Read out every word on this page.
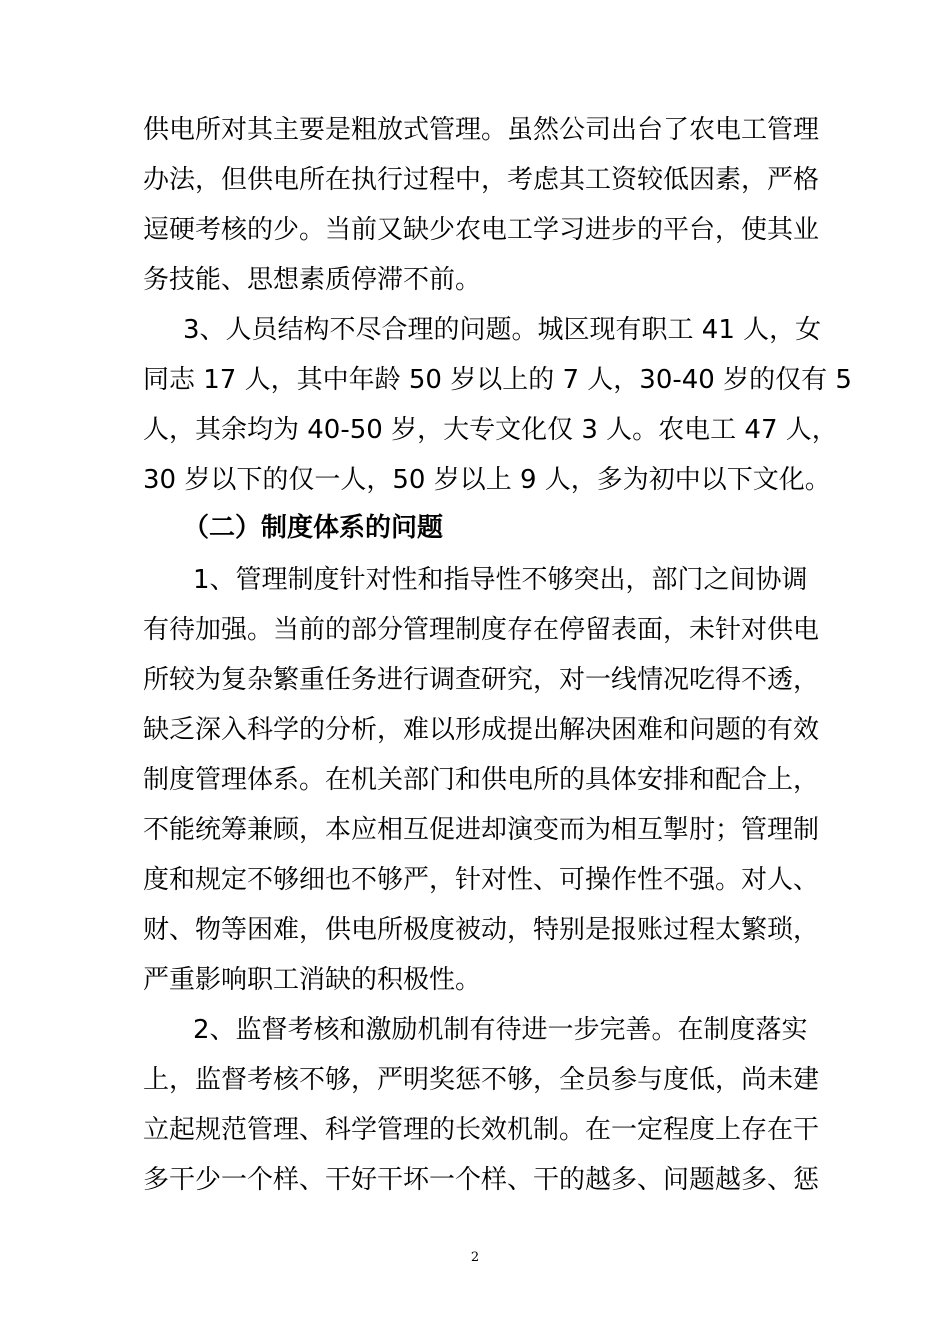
供电所对其主要是粗放式管理。虽然公司出台了农电工管理
办法，但供电所在执行过程中，考虑其工资较低因素，严格
逗硬考核的少。当前又缺少农电工学习进步的平台，使其业
务技能、思想素质停滞不前。
3、人员结构不尽合理的问题。城区现有职工 41 人，女
同志 17 人，其中年龄 50 岁以上的 7 人，30-40 岁的仅有 5
人，其余均为 40-50 岁，大专文化仅 3 人。农电工 47 人，
30 岁以下的仅一人，50 岁以上 9 人，多为初中以下文化。
（二）制度体系的问题
1、管理制度针对性和指导性不够突出，部门之间协调
有待加强。当前的部分管理制度存在停留表面，未针对供电
所较为复杂繁重任务进行调查研究，对一线情况吃得不透，
缺乏深入科学的分析，难以形成提出解决困难和问题的有效
制度管理体系。在机关部门和供电所的具体安排和配合上，
不能统筹兼顾，本应相互促进却演变而为相互掣肘；管理制
度和规定不够细也不够严，针对性、可操作性不强。对人、
财、物等困难，供电所极度被动，特别是报账过程太繁琐，
严重影响职工消缺的积极性。
2、监督考核和激励机制有待进一步完善。在制度落实
上，监督考核不够，严明奖惩不够，全员参与度低，尚未建
立起规范管理、科学管理的长效机制。在一定程度上存在干
多干少一个样、干好干坏一个样、干的越多、问题越多、惩
2
